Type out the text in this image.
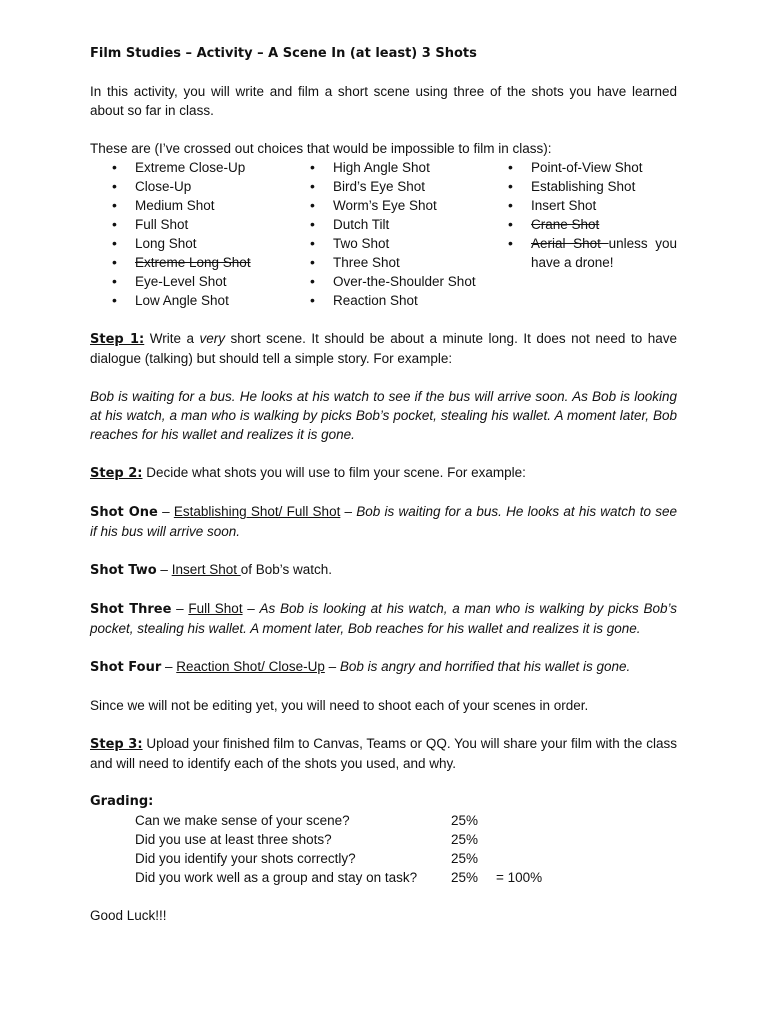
Film Studies – Activity – A Scene In (at least) 3 Shots

In this activity, you will write and film a short scene using three of the shots you have learned about so far in class.

These are (I’ve crossed out choices that would be impossible to film in class):

• Extreme Close-Up
• Close-Up
• Medium Shot
• Full Shot
• Long Shot
• Extreme Long Shot
• Eye-Level Shot
• Low Angle Shot
• High Angle Shot
• Bird’s Eye Shot
• Worm’s Eye Shot
• Dutch Tilt
• Two Shot
• Three Shot
• Over-the-Shoulder Shot
• Reaction Shot
• Point-of-View Shot
• Establishing Shot
• Insert Shot
• Crane Shot
• Aerial Shot unless you have a drone!

Step 1: Write a very short scene. It should be about a minute long. It does not need to have dialogue (talking) but should tell a simple story. For example:

Bob is waiting for a bus. He looks at his watch to see if the bus will arrive soon. As Bob is looking at his watch, a man who is walking by picks Bob’s pocket, stealing his wallet. A moment later, Bob reaches for his wallet and realizes it is gone.

Step 2: Decide what shots you will use to film your scene. For example:

Shot One – Establishing Shot/ Full Shot – Bob is waiting for a bus. He looks at his watch to see if his bus will arrive soon.

Shot Two – Insert Shot of Bob’s watch.

Shot Three – Full Shot – As Bob is looking at his watch, a man who is walking by picks Bob’s pocket, stealing his wallet. A moment later, Bob reaches for his wallet and realizes it is gone.

Shot Four – Reaction Shot/ Close-Up – Bob is angry and horrified that his wallet is gone.

Since we will not be editing yet, you will need to shoot each of your scenes in order.

Step 3: Upload your finished film to Canvas, Teams or QQ. You will share your film with the class and will need to identify each of the shots you used, and why.

Grading:

Can we make sense of your scene?	25%
Did you use at least three shots?	25%
Did you identify your shots correctly?	25%
Did you work well as a group and stay on task?	25%	= 100%

Good Luck!!!
